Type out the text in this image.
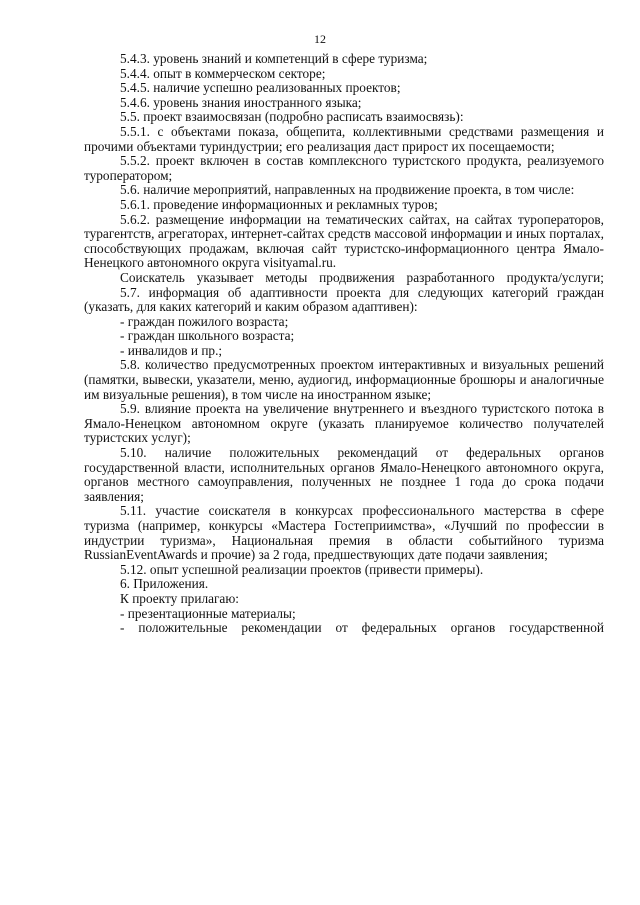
12

5.4.3. уровень знаний и компетенций в сфере туризма;

5.4.4. опыт в коммерческом секторе;

5.4.5. наличие успешно реализованных проектов;

5.4.6. уровень знания иностранного языка;

5.5. проект взаимосвязан (подробно расписать взаимосвязь):

5.5.1. с объектами показа, общепита, коллективными средствами размещения и прочими объектами туриндустрии; его реализация даст прирост их посещаемости;

5.5.2. проект включен в состав комплексного туристского продукта, реализуемого туроператором;

5.6. наличие мероприятий, направленных на продвижение проекта, в том числе:

5.6.1. проведение информационных и рекламных туров;

5.6.2. размещение информации на тематических сайтах, на сайтах туроператоров, турагентств, агрегаторах, интернет-сайтах средств массовой информации и иных порталах, способствующих продажам, включая сайт туристско-информационного центра Ямало-Ненецкого автономного округа visityamal.ru.

Соискатель указывает методы продвижения разработанного продукта/услуги;

5.7. информация об адаптивности проекта для следующих категорий граждан (указать, для каких категорий и каким образом адаптивен):

- граждан пожилого возраста;

- граждан школьного возраста;

- инвалидов и пр.;

5.8. количество предусмотренных проектом интерактивных и визуальных решений (памятки, вывески, указатели, меню, аудиогид, информационные брошюры и аналогичные им визуальные решения), в том числе на иностранном языке;

5.9. влияние проекта на увеличение внутреннего и въездного туристского потока в Ямало-Ненецком автономном округе (указать планируемое количество получателей туристских услуг);

5.10. наличие положительных рекомендаций от федеральных органов государственной власти, исполнительных органов Ямало-Ненецкого автономного округа, органов местного самоуправления, полученных не позднее 1 года до срока подачи заявления;

5.11. участие соискателя в конкурсах профессионального мастерства в сфере туризма (например, конкурсы «Мастера Гостеприимства», «Лучший по профессии в индустрии туризма», Национальная премия в области событийного туризма RussianEventAwards и прочие) за 2 года, предшествующих дате подачи заявления;

5.12. опыт успешной реализации проектов (привести примеры).

6. Приложения.

К проекту прилагаю:

- презентационные материалы;

- положительные рекомендации от федеральных органов государственной
